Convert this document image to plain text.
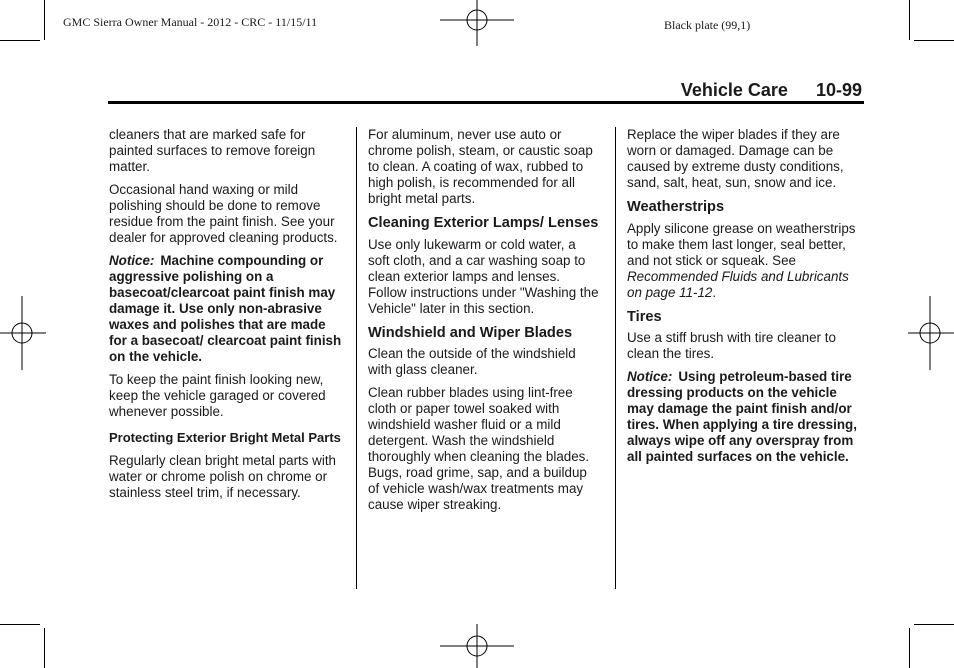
GMC Sierra Owner Manual - 2012 - CRC - 11/15/11	Black plate (99,1)
Vehicle Care 10-99

cleaners that are marked safe for painted surfaces to remove foreign matter.

Occasional hand waxing or mild polishing should be done to remove residue from the paint finish. See your dealer for approved cleaning products.

Notice: Machine compounding or aggressive polishing on a basecoat/clearcoat paint finish may damage it. Use only non-abrasive waxes and polishes that are made for a basecoat/ clearcoat paint finish on the vehicle.

To keep the paint finish looking new, keep the vehicle garaged or covered whenever possible.

Protecting Exterior Bright Metal Parts

Regularly clean bright metal parts with water or chrome polish on chrome or stainless steel trim, if necessary.

For aluminum, never use auto or chrome polish, steam, or caustic soap to clean. A coating of wax, rubbed to high polish, is recommended for all bright metal parts.

Cleaning Exterior Lamps/ Lenses

Use only lukewarm or cold water, a soft cloth, and a car washing soap to clean exterior lamps and lenses. Follow instructions under "Washing the Vehicle" later in this section.

Windshield and Wiper Blades

Clean the outside of the windshield with glass cleaner.

Clean rubber blades using lint-free cloth or paper towel soaked with windshield washer fluid or a mild detergent. Wash the windshield thoroughly when cleaning the blades. Bugs, road grime, sap, and a buildup of vehicle wash/wax treatments may cause wiper streaking.

Replace the wiper blades if they are worn or damaged. Damage can be caused by extreme dusty conditions, sand, salt, heat, sun, snow and ice.

Weatherstrips

Apply silicone grease on weatherstrips to make them last longer, seal better, and not stick or squeak. See Recommended Fluids and Lubricants on page 11-12.

Tires

Use a stiff brush with tire cleaner to clean the tires.

Notice: Using petroleum-based tire dressing products on the vehicle may damage the paint finish and/or tires. When applying a tire dressing, always wipe off any overspray from all painted surfaces on the vehicle.
